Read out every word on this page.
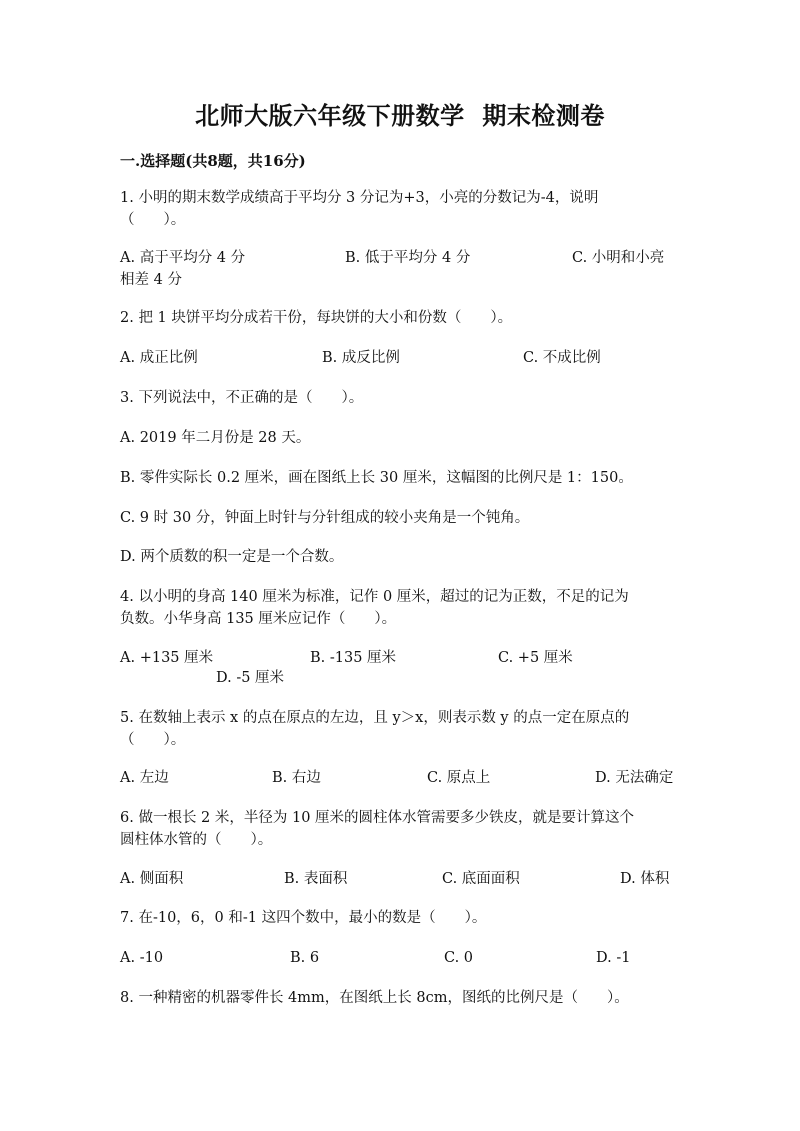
北师大版六年级下册数学  期末检测卷
一.选择题(共8题，共16分)
1. 小明的期末数学成绩高于平均分 3 分记为+3，小亮的分数记为-4，说明
（　　）。
A. 高于平均分 4 分	B. 低于平均分 4 分	C. 小明和小亮
相差 4 分
2. 把 1 块饼平均分成若干份，每块饼的大小和份数（　　）。
A. 成正比例	B. 成反比例	C. 不成比例
3. 下列说法中，不正确的是（　　）。
A. 2019 年二月份是 28 天。
B. 零件实际长 0.2 厘米，画在图纸上长 30 厘米，这幅图的比例尺是 1：150。
C. 9 时 30 分，钟面上时针与分针组成的较小夹角是一个钝角。
D. 两个质数的积一定是一个合数。
4. 以小明的身高 140 厘米为标准，记作 0 厘米，超过的记为正数，不足的记为
负数。小华身高 135 厘米应记作（　　）。
A. +135 厘米	B. -135 厘米	C. +5 厘米
D. -5 厘米
5. 在数轴上表示 x 的点在原点的左边，且 y＞x，则表示数 y 的点一定在原点的
（　　）。
A. 左边	B. 右边	C. 原点上	D. 无法确定
6. 做一根长 2 米，半径为 10 厘米的圆柱体水管需要多少铁皮，就是要计算这个
圆柱体水管的（　　）。
A. 侧面积	B. 表面积	C. 底面面积	D. 体积
7. 在-10，6，0 和-1 这四个数中，最小的数是（　　）。
A. -10	B. 6	C. 0	D. -1
8. 一种精密的机器零件长 4mm，在图纸上长 8cm，图纸的比例尺是（　　）。
